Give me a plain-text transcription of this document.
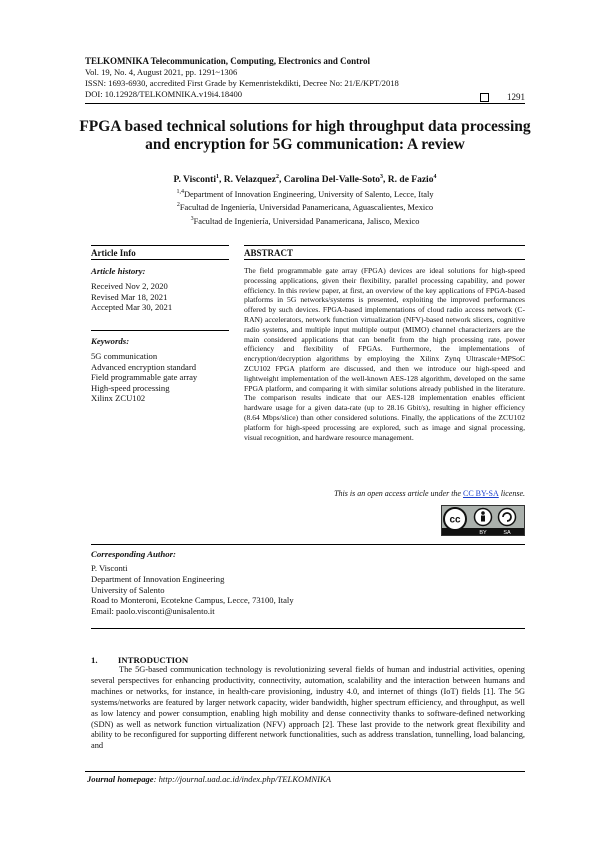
TELKOMNIKA Telecommunication, Computing, Electronics and Control
Vol. 19, No. 4, August 2021, pp. 1291~1306
ISSN: 1693-6930, accredited First Grade by Kemenristekdikti, Decree No: 21/E/KPT/2018
DOI: 10.12928/TELKOMNIKA.v19i4.18400	1291
FPGA based technical solutions for high throughput data processing and encryption for 5G communication: A review
P. Visconti$^1$, R. Velazquez$^2$, Carolina Del-Valle-Soto$^3$, R. de Fazio$^4$
$^{1,4}$Department of Innovation Engineering, University of Salento, Lecce, Italy
$^2$Facultad de Ingeniería, Universidad Panamericana, Aguascalientes, Mexico
$^3$Facultad de Ingeniería, Universidad Panamericana, Jalisco, Mexico
Article Info	ABSTRACT
Article history:
Received Nov 2, 2020
Revised Mar 18, 2021
Accepted Mar 30, 2021
Keywords:
5G communication
Advanced encryption standard
Field programmable gate array
High-speed processing
Xilinx ZCU102
The field programmable gate array (FPGA) devices are ideal solutions for high-speed processing applications, given their flexibility, parallel processing capability, and power efficiency. In this review paper, at first, an overview of the key applications of FPGA-based platforms in 5G networks/systems is presented, exploiting the improved performances offered by such devices. FPGA-based implementations of cloud radio access network (C-RAN) accelerators, network function virtualization (NFV)-based network slicers, cognitive radio systems, and multiple input multiple output (MIMO) channel characterizers are the main considered applications that can benefit from the high processing rate, power efficiency and flexibility of FPGAs. Furthermore, the implementations of encryption/decryption algorithms by employing the Xilinx Zynq Ultrascale+MPSoC ZCU102 FPGA platform are discussed, and then we introduce our high-speed and lightweight implementation of the well-known AES-128 algorithm, developed on the same FPGA platform, and comparing it with similar solutions already published in the literature. The comparison results indicate that our AES-128 implementation enables efficient hardware usage for a given data-rate (up to 28.16 Gbit/s), resulting in higher efficiency (8.64 Mbps/slice) than other considered solutions. Finally, the applications of the ZCU102 platform for high-speed processing are explored, such as image and signal processing, visual recognition, and hardware resource management.
This is an open access article under the CC BY-SA license.
cc
BY	SA
Corresponding Author:
P. Visconti
Department of Innovation Engineering
University of Salento
Road to Monteroni, Ecotekne Campus, Lecce, 73100, Italy
Email: paolo.visconti@unisalento.it
1. INTRODUCTION
The 5G-based communication technology is revolutionizing several fields of human and industrial activities, opening several perspectives for enhancing productivity, connectivity, automation, scalability and the interaction between humans and machines or networks, for instance, in health-care provisioning, industry 4.0, and internet of things (IoT) fields [1]. The 5G systems/networks are featured by larger network capacity, wider bandwidth, higher spectrum efficiency, and throughput, as well as low latency and power consumption, enabling high mobility and dense connectivity thanks to software-defined networking (SDN) as well as network function virtualization (NFV) approach [2]. These last provide to the network great flexibility and ability to be reconfigured for supporting different network functionalities, such as address translation, tunnelling, load balancing, and
Journal homepage: http://journal.uad.ac.id/index.php/TELKOMNIKA
